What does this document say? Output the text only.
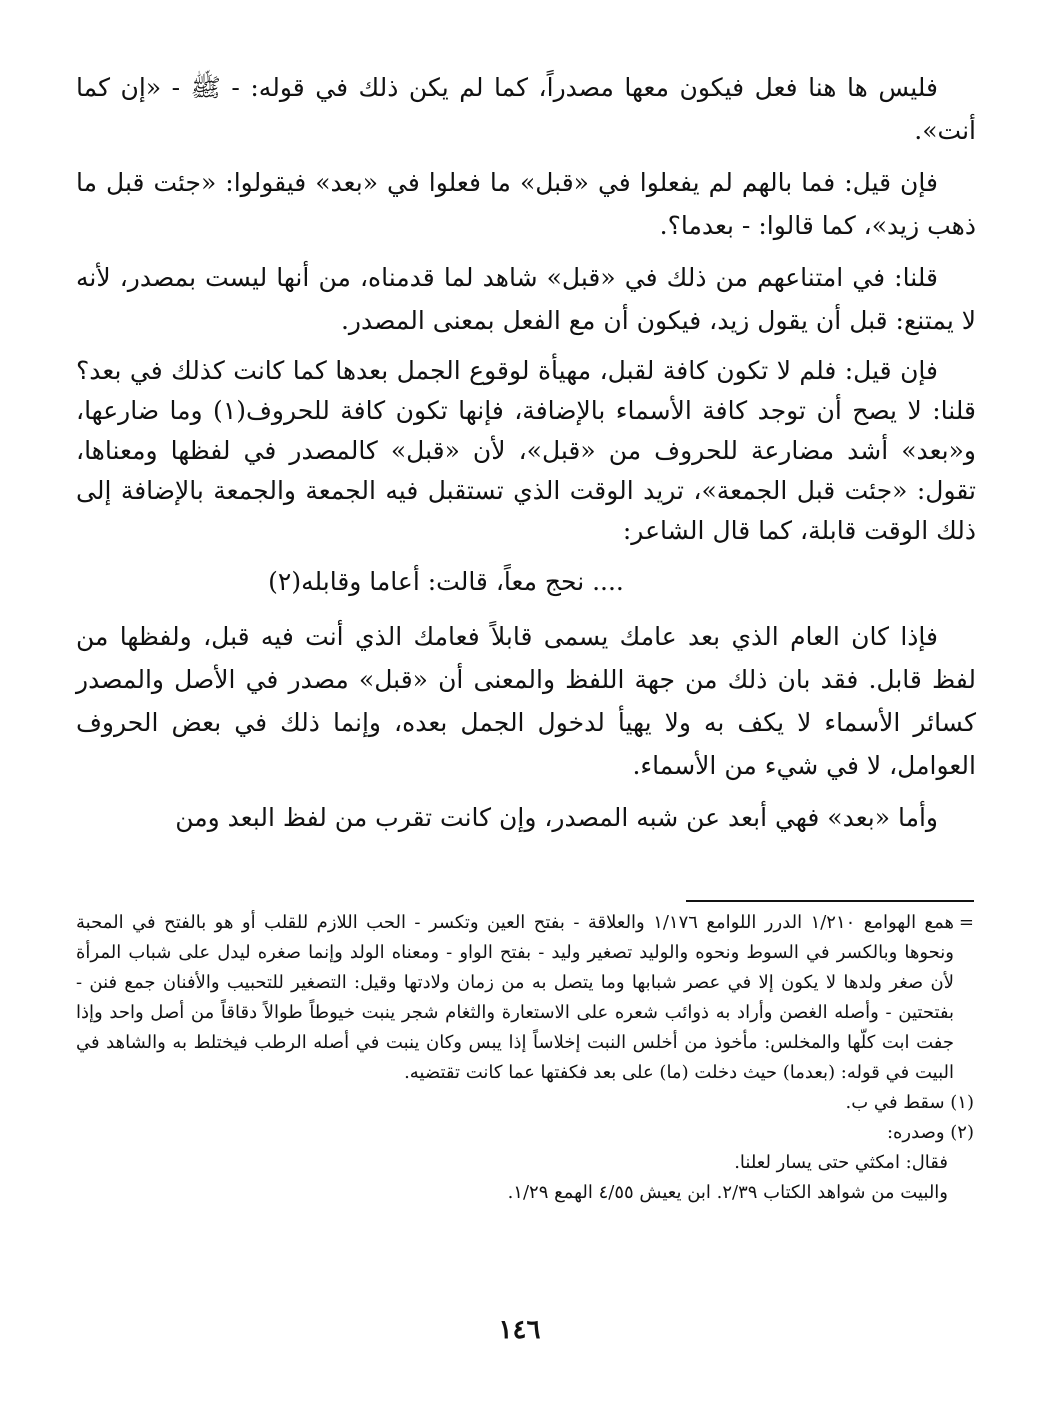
فليس ها هنا فعل فيكون معها مصدراً، كما لم يكن ذلك في قوله: - ﷺ - «إن كما أنت».

فإن قيل: فما بالهم لم يفعلوا في «قبل» ما فعلوا في «بعد» فيقولوا: «جئت قبل ما ذهب زيد»، كما قالوا: - بعدما؟.

قلنا: في امتناعهم من ذلك في «قبل» شاهد لما قدمناه، من أنها ليست بمصدر، لأنه لا يمتنع: قبل أن يقول زيد، فيكون أن مع الفعل بمعنى المصدر.

فإن قيل: فلم لا تكون كافة لقبل، مهيأة لوقوع الجمل بعدها كما كانت كذلك في بعد؟ قلنا: لا يصح أن توجد كافة الأسماء بالإضافة، فإنها تكون كافة للحروف(١) وما ضارعها، و«بعد» أشد مضارعة للحروف من «قبل»، لأن «قبل» كالمصدر في لفظها ومعناها، تقول: «جئت قبل الجمعة»، تريد الوقت الذي تستقبل فيه الجمعة والجمعة بالإضافة إلى ذلك الوقت قابلة، كما قال الشاعر:

.... نحج معاً، قالت: أعاما وقابله(٢)

فإذا كان العام الذي بعد عامك يسمى قابلاً فعامك الذي أنت فيه قبل، ولفظها من لفظ قابل. فقد بان ذلك من جهة اللفظ والمعنى أن «قبل» مصدر في الأصل والمصدر كسائر الأسماء لا يكف به ولا يهيأ لدخول الجمل بعده، وإنما ذلك في بعض الحروف العوامل، لا في شيء من الأسماء.

وأما «بعد» فهي أبعد عن شبه المصدر، وإن كانت تقرب من لفظ البعد ومن

=
همع الهوامع ١/٢١٠ الدرر اللوامع ١/١٧٦ والعلاقة - بفتح العين وتكسر - الحب اللازم للقلب أو هو بالفتح في المحبة ونحوها وبالكسر في السوط ونحوه والوليد تصغير وليد - بفتح الواو - ومعناه الولد وإنما صغره ليدل على شباب المرأة لأن صغر ولدها لا يكون إلا في عصر شبابها وما يتصل به من زمان ولادتها وقيل: التصغير للتحبيب والأفنان جمع فنن - بفتحتين - وأصله الغصن وأراد به ذوائب شعره على الاستعارة والثغام شجر ينبت خيوطاً طوالاً دقاقاً من أصل واحد وإذا جفت ابت كلّها والمخلس: مأخوذ من أخلس النبت إخلاساً إذا يبس وكان ينبت في أصله الرطب فيختلط به والشاهد في البيت في قوله: (بعدما) حيث دخلت (ما) على بعد فكفتها عما كانت تقتضيه.

(١) سقط في ب.

(٢) وصدره:

فقال: امكثي حتى يسار لعلنا.

والبيت من شواهد الكتاب ٢/٣٩. ابن يعيش ٤/٥٥ الهمع ١/٢٩.

١٤٦
